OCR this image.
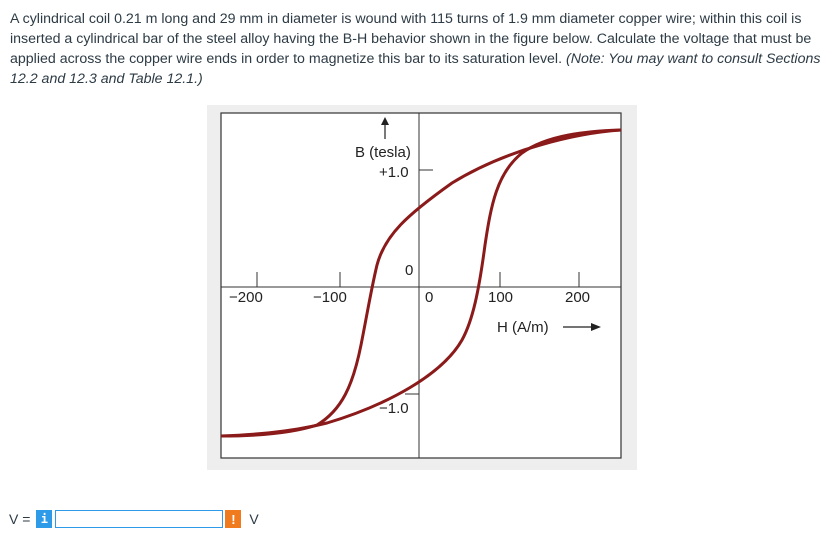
A cylindrical coil 0.21 m long and 29 mm in diameter is wound with 115 turns of 1.9 mm diameter copper wire; within this coil is inserted a cylindrical bar of the steel alloy having the B-H behavior shown in the figure below. Calculate the voltage that must be applied across the copper wire ends in order to magnetize this bar to its saturation level. (Note: You may want to consult Sections 12.2 and 12.3 and Table 12.1.)
B (tesla)
+1.0
0
−1.0
−200	−100	0	100	200
H (A/m)
V = i	! V
